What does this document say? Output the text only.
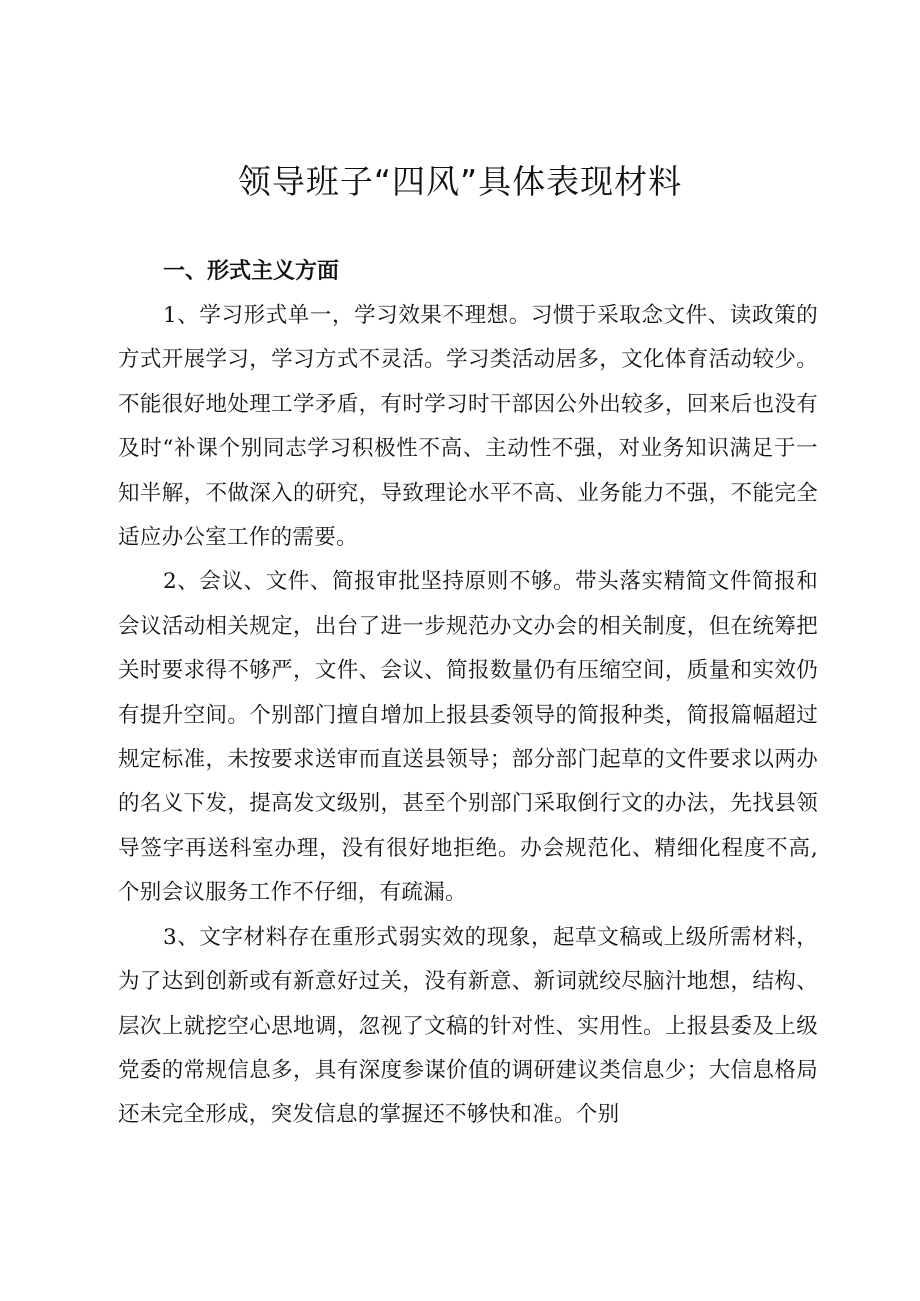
领导班子“四风”具体表现材料
一、形式主义方面

1、学习形式单一，学习效果不理想。习惯于采取念文件、读政策的方式开展学习，学习方式不灵活。学习类活动居多，文化体育活动较少。不能很好地处理工学矛盾，有时学习时干部因公外出较多，回来后也没有及时“补课个别同志学习积极性不高、主动性不强，对业务知识满足于一知半解，不做深入的研究，导致理论水平不高、业务能力不强，不能完全适应办公室工作的需要。

2、会议、文件、简报审批坚持原则不够。带头落实精简文件简报和会议活动相关规定，出台了进一步规范办文办会的相关制度，但在统筹把关时要求得不够严，文件、会议、简报数量仍有压缩空间，质量和实效仍有提升空间。个别部门擅自增加上报县委领导的简报种类，简报篇幅超过规定标准，未按要求送审而直送县领导；部分部门起草的文件要求以两办的名义下发，提高发文级别，甚至个别部门采取倒行文的办法，先找县领导签字再送科室办理，没有很好地拒绝。办会规范化、精细化程度不高,个别会议服务工作不仔细，有疏漏。

3、文字材料存在重形式弱实效的现象，起草文稿或上级所需材料，为了达到创新或有新意好过关，没有新意、新词就绞尽脑汁地想，结构、层次上就挖空心思地调，忽视了文稿的针对性、实用性。上报县委及上级党委的常规信息多，具有深度参谋价值的调研建议类信息少；大信息格局还未完全形成，突发信息的掌握还不够快和准。个别
